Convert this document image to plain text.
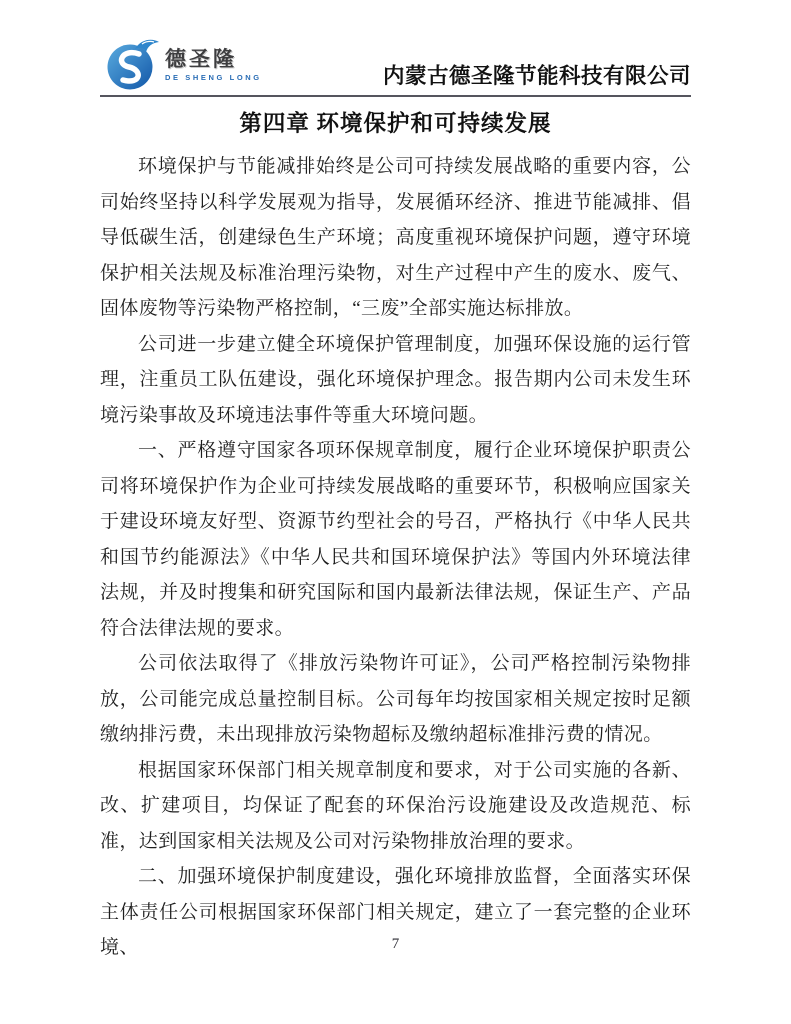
德圣隆
DE SHENG LONG	内蒙古德圣隆节能科技有限公司
第四章 环境保护和可持续发展

环境保护与节能减排始终是公司可持续发展战略的重要内容，公司始终坚持以科学发展观为指导，发展循环经济、推进节能减排、倡导低碳生活，创建绿色生产环境；高度重视环境保护问题，遵守环境保护相关法规及标准治理污染物，对生产过程中产生的废水、废气、固体废物等污染物严格控制，“三废”全部实施达标排放。

公司进一步建立健全环境保护管理制度，加强环保设施的运行管理，注重员工队伍建设，强化环境保护理念。报告期内公司未发生环境污染事故及环境违法事件等重大环境问题。

一、严格遵守国家各项环保规章制度，履行企业环境保护职责公司将环境保护作为企业可持续发展战略的重要环节，积极响应国家关于建设环境友好型、资源节约型社会的号召，严格执行《中华人民共和国节约能源法》《中华人民共和国环境保护法》等国内外环境法律法规，并及时搜集和研究国际和国内最新法律法规，保证生产、产品符合法律法规的要求。

公司依法取得了《排放污染物许可证》，公司严格控制污染物排放，公司能完成总量控制目标。公司每年均按国家相关规定按时足额缴纳排污费，未出现排放污染物超标及缴纳超标准排污费的情况。

根据国家环保部门相关规章制度和要求，对于公司实施的各新、改、扩建项目，均保证了配套的环保治污设施建设及改造规范、标准，达到国家相关法规及公司对污染物排放治理的要求。

二、加强环境保护制度建设，强化环境排放监督，全面落实环保主体责任公司根据国家环保部门相关规定，建立了一套完整的企业环境、	7
